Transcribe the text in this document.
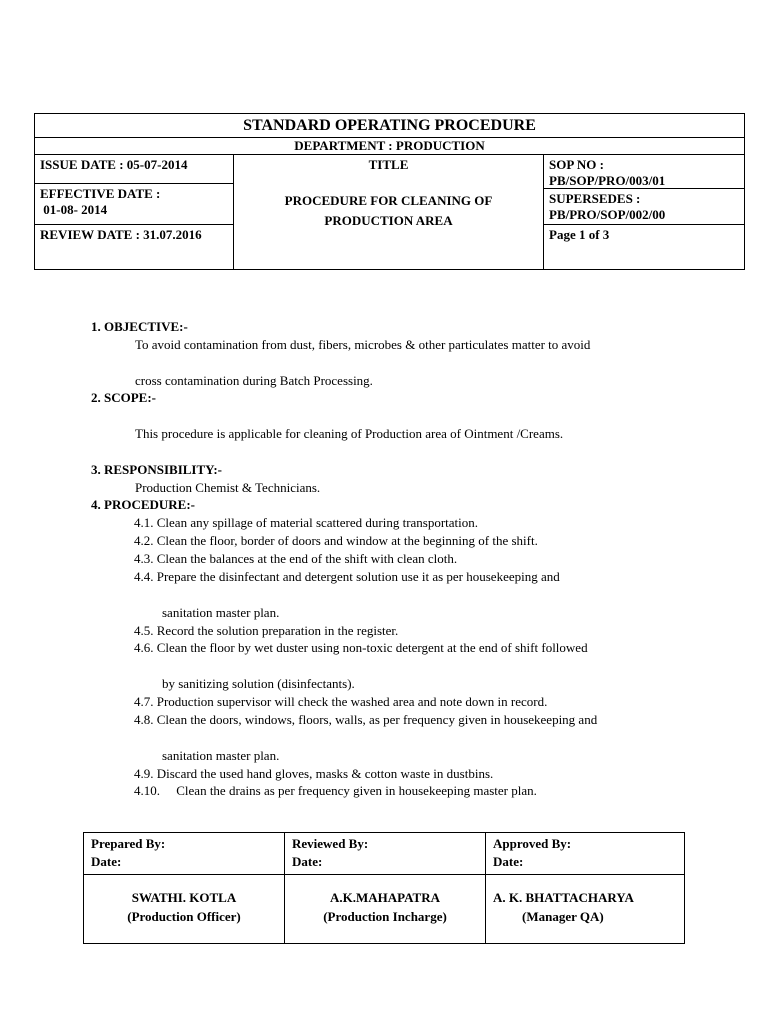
STANDARD OPERATING PROCEDURE
DEPARTMENT : PRODUCTION
ISSUE DATE : 05-07-2014
EFFECTIVE DATE :
01-08- 2014
REVIEW DATE : 31.07.2016
TITLE
PROCEDURE FOR CLEANING OF
PRODUCTION AREA
SOP NO :
PB/SOP/PRO/003/01
SUPERSEDES :
PB/PRO/SOP/002/00
Page 1 of 3
1. OBJECTIVE:-
To avoid contamination from dust, fibers, microbes & other particulates matter to avoid
cross contamination during Batch Processing.
2. SCOPE:-
This procedure is applicable for cleaning of Production area of Ointment /Creams.
3. RESPONSIBILITY:-
Production Chemist & Technicians.
4. PROCEDURE:-
4.1. Clean any spillage of material scattered during transportation.
4.2. Clean the floor, border of doors and window at the beginning of the shift.
4.3. Clean the balances at the end of the shift with clean cloth.
4.4. Prepare the disinfectant and detergent solution use it as per housekeeping and
sanitation master plan.
4.5. Record the solution preparation in the register.
4.6. Clean the floor by wet duster using non-toxic detergent at the end of shift followed
by sanitizing solution (disinfectants).
4.7. Production supervisor will check the washed area and note down in record.
4.8. Clean the doors, windows, floors, walls, as per frequency given in housekeeping and
sanitation master plan.
4.9. Discard the used hand gloves, masks & cotton waste in dustbins.
4.10.     Clean the drains as per frequency given in housekeeping master plan.
Prepared By:
Date:
SWATHI. KOTLA
(Production Officer)
Reviewed By:
Date:
A.K.MAHAPATRA
(Production Incharge)
Approved By:
Date:
A. K. BHATTACHARYA
(Manager QA)
